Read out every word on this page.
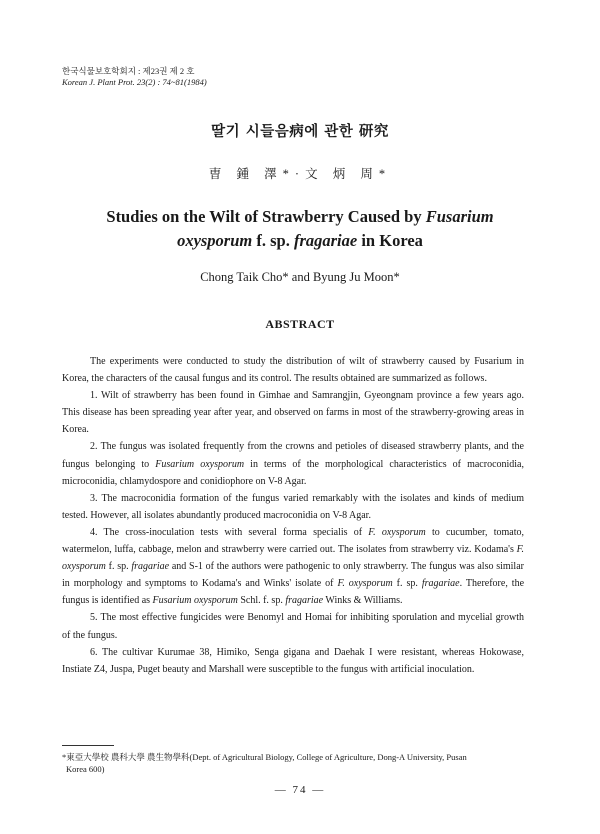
한국식물보호학회지 : 제23권 제 2 호
Korean J. Plant Prot. 23(2) : 74~81(1984)
딸기 시들음病에 관한 研究
曺 鍾 澤*·文 炳 周*
Studies on the Wilt of Strawberry Caused by Fusarium
oxysporum f. sp. fragariae in Korea
Chong Taik Cho* and Byung Ju Moon*
ABSTRACT

The experiments were conducted to study the distribution of wilt of strawberry caused by Fusarium in Korea, the characters of the causal fungus and its control. The results obtained are summarized as follows.

1. Wilt of strawberry has been found in Gimhae and Samrangjin, Gyeongnam province a few years ago. This disease has been spreading year after year, and observed on farms in most of the strawberry-growing areas in Korea.

2. The fungus was isolated frequently from the crowns and petioles of diseased strawberry plants, and the fungus belonging to Fusarium oxysporum in terms of the morphological characteristics of macroconidia, microconidia, chlamydospore and conidiophore on V-8 Agar.

3. The macroconidia formation of the fungus varied remarkably with the isolates and kinds of medium tested. However, all isolates abundantly produced macroconidia on V-8 Agar.

4. The cross-inoculation tests with several forma specialis of F. oxysporum to cucumber, tomato, watermelon, luffa, cabbage, melon and strawberry were carried out. The isolates from strawberry viz. Kodama's F. oxysporum f. sp. fragariae and S-1 of the authors were pathogenic to only strawberry. The fungus was also similar in morphology and symptoms to Kodama's and Winks' isolate of F. oxysporum f. sp. fragariae. Therefore, the fungus is identified as Fusarium oxysporum Schl. f. sp. fragariae Winks & Williams.

5. The most effective fungicides were Benomyl and Homai for inhibiting sporulation and mycelial growth of the fungus.

6. The cultivar Kurumae 38, Himiko, Senga gigana and Daehak I were resistant, whereas Hokowase, Instiate Z4, Juspa, Puget beauty and Marshall were susceptible to the fungus with artificial inoculation.

*東亞大學校 農科大學 農生物學科(Dept. of Agricultural Biology, College of Agriculture, Dong-A University, Pusan
Korea 600)
— 74 —
